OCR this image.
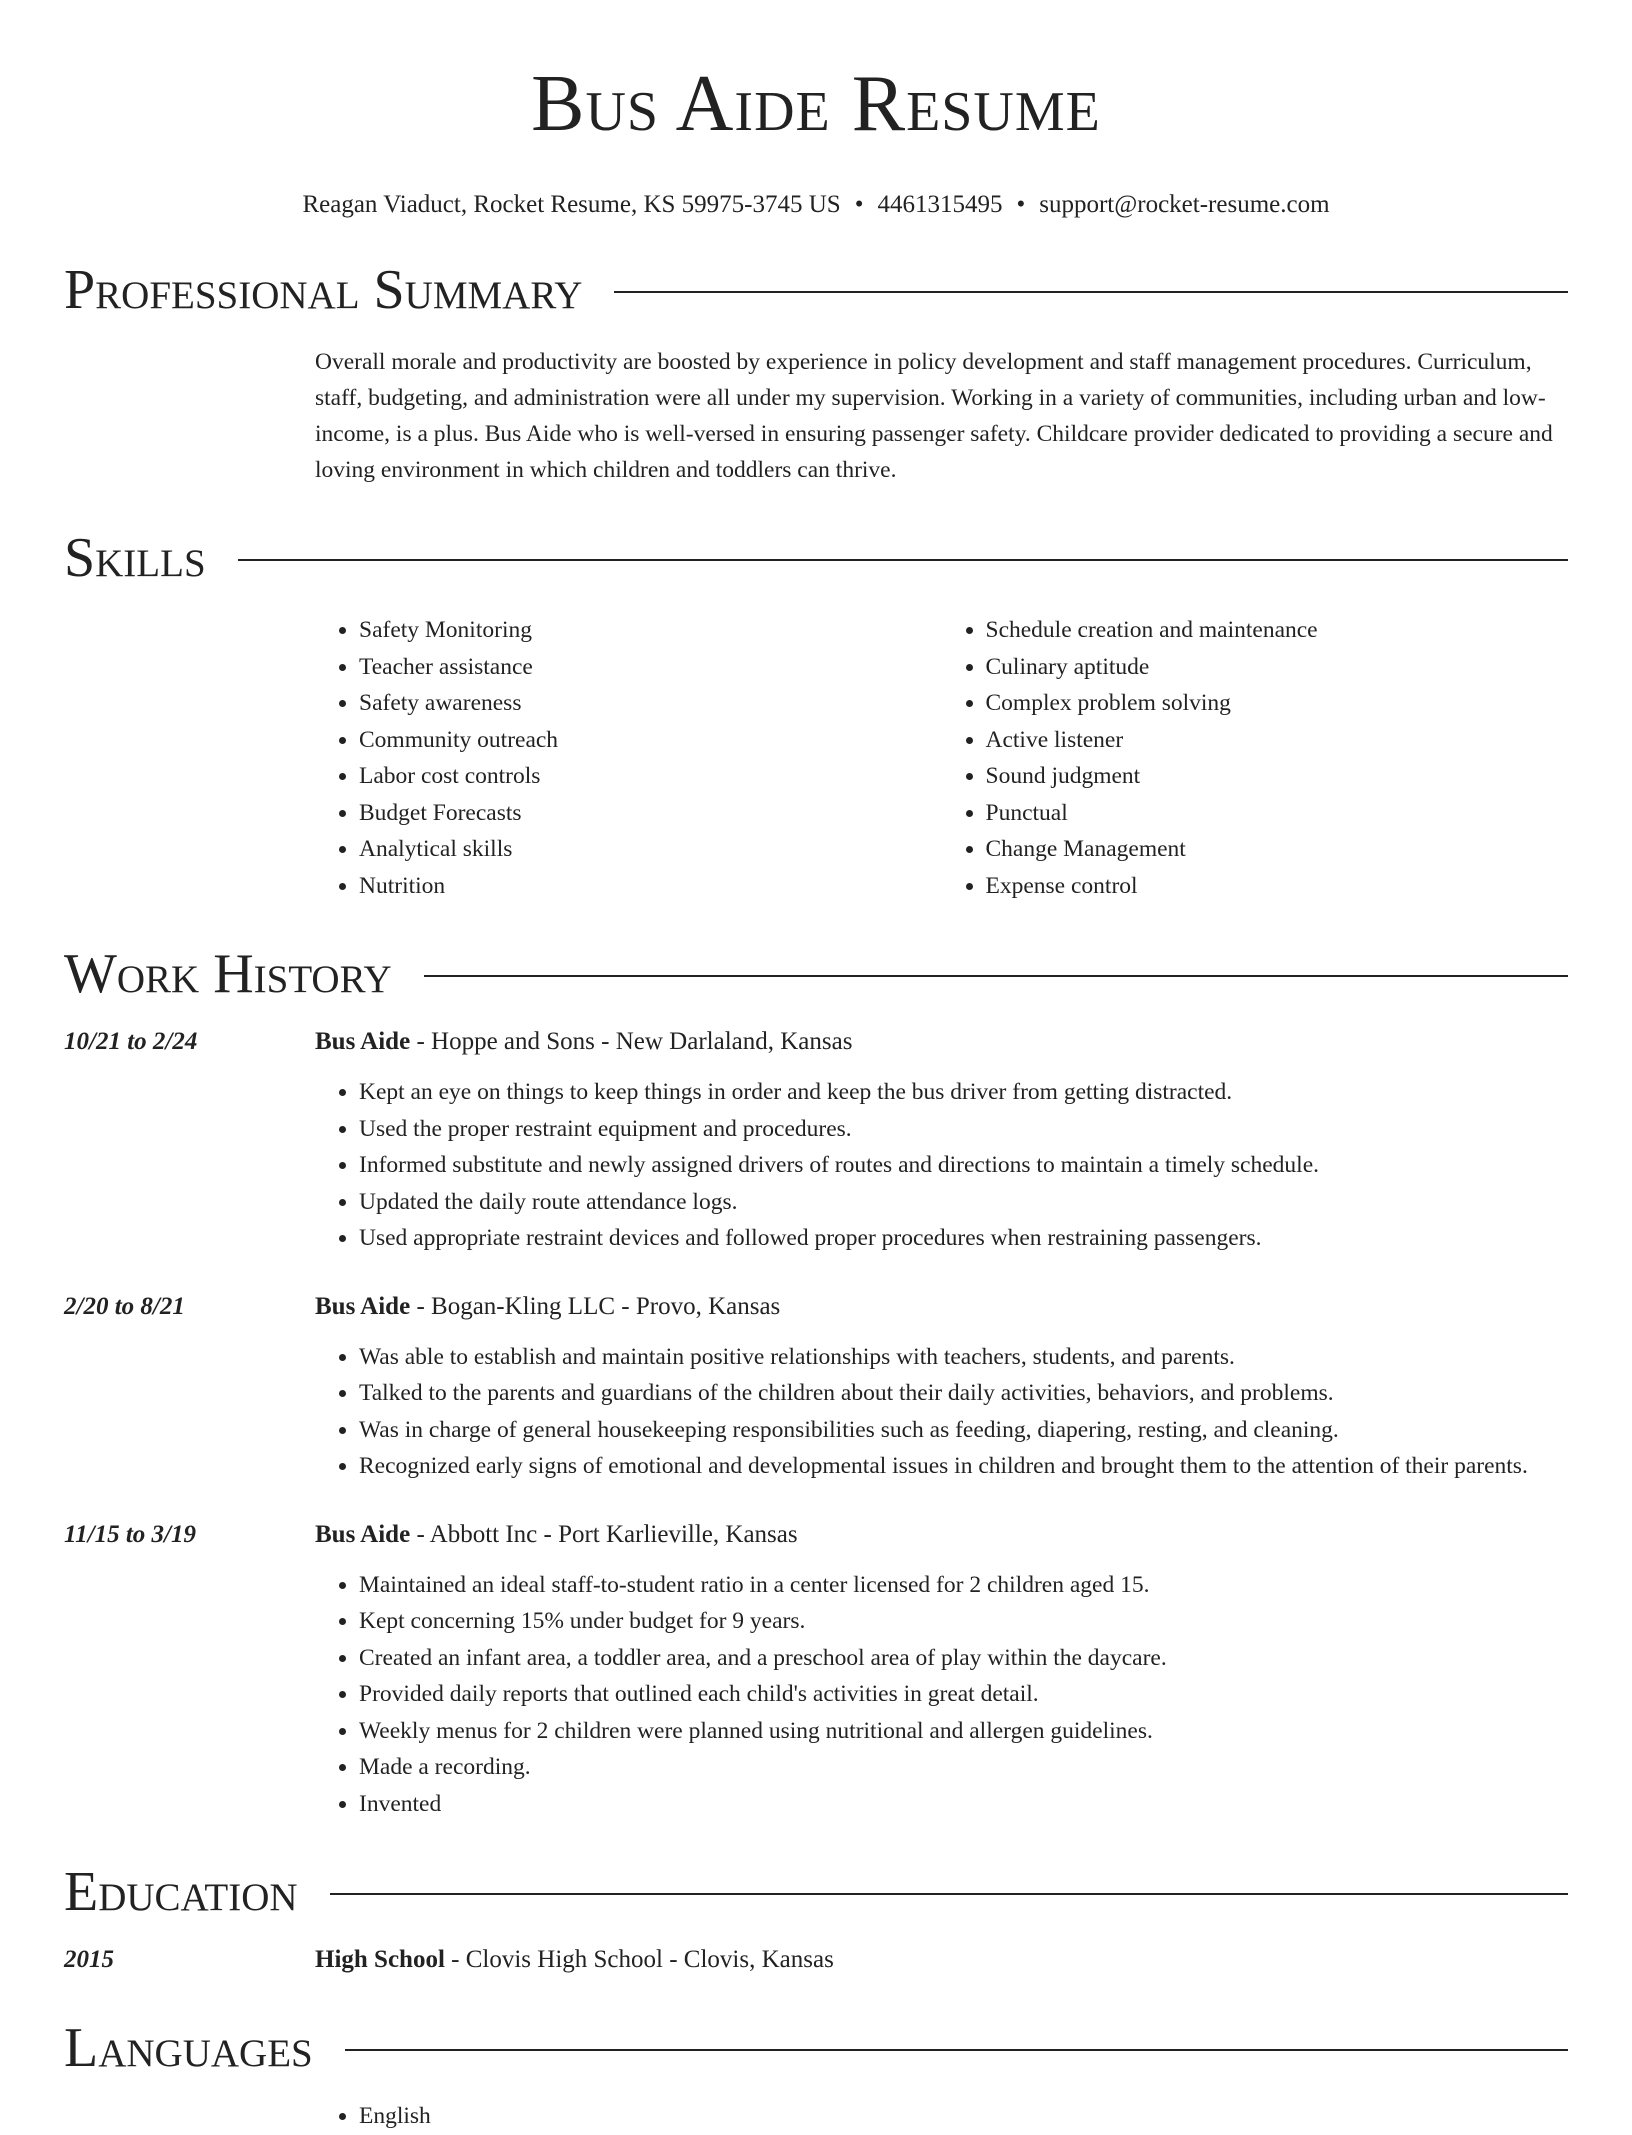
Bus Aide Resume
Reagan Viaduct, Rocket Resume, KS 59975-3745 US • 4461315495 • support@rocket-resume.com
Professional Summary
Overall morale and productivity are boosted by experience in policy development and staff management procedures. Curriculum, staff, budgeting, and administration were all under my supervision. Working in a variety of communities, including urban and low-income, is a plus. Bus Aide who is well-versed in ensuring passenger safety. Childcare provider dedicated to providing a secure and loving environment in which children and toddlers can thrive.
Skills
• Safety Monitoring
• Teacher assistance
• Safety awareness
• Community outreach
• Labor cost controls
• Budget Forecasts
• Analytical skills
• Nutrition
• Schedule creation and maintenance
• Culinary aptitude
• Complex problem solving
• Active listener
• Sound judgment
• Punctual
• Change Management
• Expense control
Work History
10/21 to 2/24	Bus Aide - Hoppe and Sons - New Darlaland, Kansas
• Kept an eye on things to keep things in order and keep the bus driver from getting distracted.
• Used the proper restraint equipment and procedures.
• Informed substitute and newly assigned drivers of routes and directions to maintain a timely schedule.
• Updated the daily route attendance logs.
• Used appropriate restraint devices and followed proper procedures when restraining passengers.
2/20 to 8/21	Bus Aide - Bogan-Kling LLC - Provo, Kansas
• Was able to establish and maintain positive relationships with teachers, students, and parents.
• Talked to the parents and guardians of the children about their daily activities, behaviors, and problems.
• Was in charge of general housekeeping responsibilities such as feeding, diapering, resting, and cleaning.
• Recognized early signs of emotional and developmental issues in children and brought them to the attention of their parents.
11/15 to 3/19	Bus Aide - Abbott Inc - Port Karlieville, Kansas
• Maintained an ideal staff-to-student ratio in a center licensed for 2 children aged 15.
• Kept concerning 15% under budget for 9 years.
• Created an infant area, a toddler area, and a preschool area of play within the daycare.
• Provided daily reports that outlined each child's activities in great detail.
• Weekly menus for 2 children were planned using nutritional and allergen guidelines.
• Made a recording.
• Invented
Education
2015	High School - Clovis High School - Clovis, Kansas
Languages
• English
